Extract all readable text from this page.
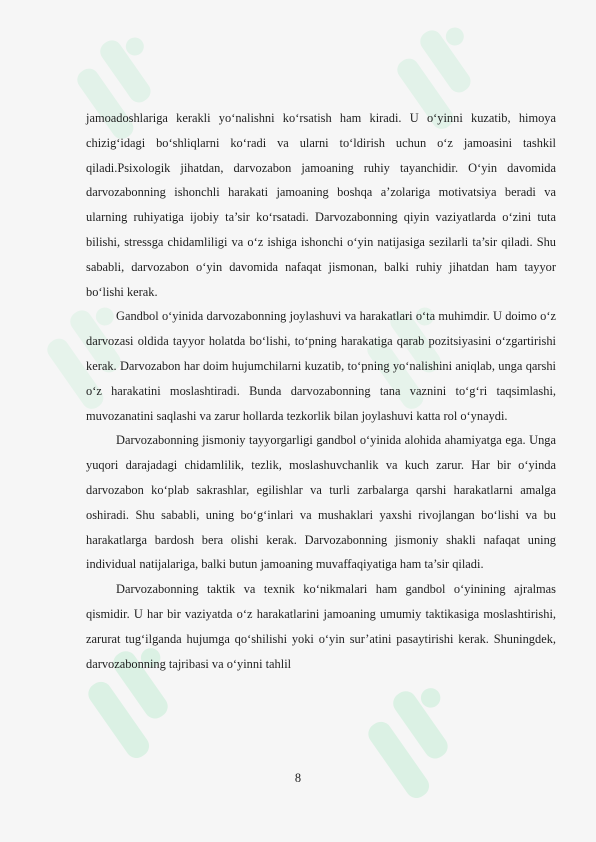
jamoadoshlariga kerakli yo‘nalishni ko‘rsatish ham kiradi. U o‘yinni kuzatib, himoya chizig‘idagi bo‘shliqlarni ko‘radi va ularni to‘ldirish uchun o‘z jamoasini tashkil qiladi.Psixologik jihatdan, darvozabon jamoaning ruhiy tayanchidir. O‘yin davomida darvozabonning ishonchli harakati jamoaning boshqa a’zolariga motivatsiya beradi va ularning ruhiyatiga ijobiy ta’sir ko‘rsatadi. Darvozabonning qiyin vaziyatlarda o‘zini tuta bilishi, stressga chidamliligi va o‘z ishiga ishonchi o‘yin natijasiga sezilarli ta’sir qiladi. Shu sababli, darvozabon o‘yin davomida nafaqat jismonan, balki ruhiy jihatdan ham tayyor bo‘lishi kerak.

Gandbol o‘yinida darvozabonning joylashuvi va harakatlari o‘ta muhimdir. U doimo o‘z darvozasi oldida tayyor holatda bo‘lishi, to‘pning harakatiga qarab pozitsiyasini o‘zgartirishi kerak. Darvozabon har doim hujumchilarni kuzatib, to‘pning yo‘nalishini aniqlab, unga qarshi o‘z harakatini moslashtiradi. Bunda darvozabonning tana vaznini to‘g‘ri taqsimlashi, muvozanatini saqlashi va zarur hollarda tezkorlik bilan joylashuvi katta rol o‘ynaydi.

Darvozabonning jismoniy tayyorgarligi gandbol o‘yinida alohida ahamiyatga ega. Unga yuqori darajadagi chidamlilik, tezlik, moslashuvchanlik va kuch zarur. Har bir o‘yinda darvozabon ko‘plab sakrashlar, egilishlar va turli zarbalarga qarshi harakatlarni amalga oshiradi. Shu sababli, uning bo‘g‘inlari va mushaklari yaxshi rivojlangan bo‘lishi va bu harakatlarga bardosh bera olishi kerak. Darvozabonning jismoniy shakli nafaqat uning individual natijalariga, balki butun jamoaning muvaffaqiyatiga ham ta’sir qiladi.

Darvozabonning taktik va texnik ko‘nikmalari ham gandbol o‘yinining ajralmas qismidir. U har bir vaziyatda o‘z harakatlarini jamoaning umumiy taktikasiga moslashtirishi, zarurat tug‘ilganda hujumga qo‘shilishi yoki o‘yin sur’atini pasaytirishi kerak. Shuningdek, darvozabonning tajribasi va o‘yinni tahlil

8
